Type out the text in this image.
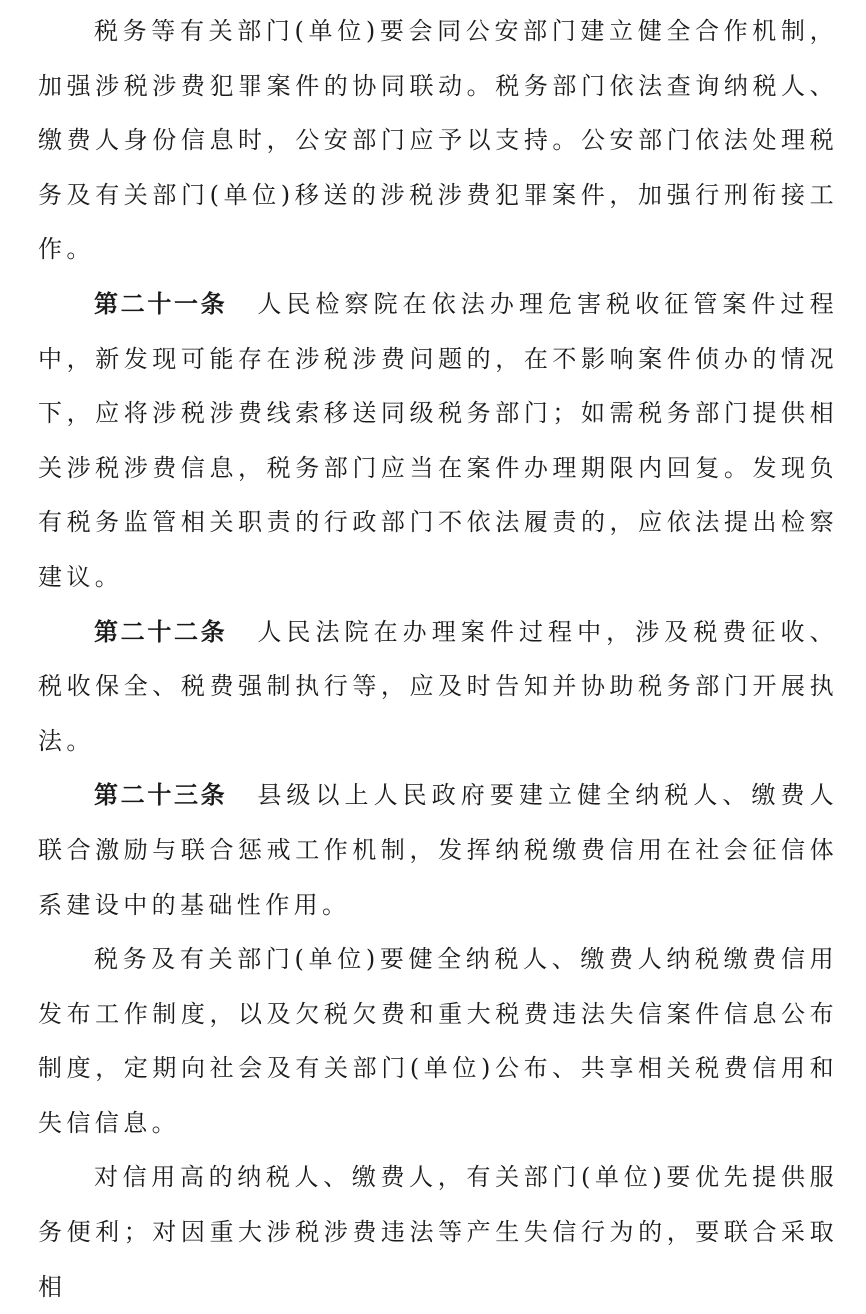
税务等有关部门(单位)要会同公安部门建立健全合作机制，加强涉税涉费犯罪案件的协同联动。税务部门依法查询纳税人、缴费人身份信息时，公安部门应予以支持。公安部门依法处理税务及有关部门(单位)移送的涉税涉费犯罪案件，加强行刑衔接工作。

第二十一条 人民检察院在依法办理危害税收征管案件过程中，新发现可能存在涉税涉费问题的，在不影响案件侦办的情况下，应将涉税涉费线索移送同级税务部门；如需税务部门提供相关涉税涉费信息，税务部门应当在案件办理期限内回复。发现负有税务监管相关职责的行政部门不依法履责的，应依法提出检察建议。

第二十二条 人民法院在办理案件过程中，涉及税费征收、税收保全、税费强制执行等，应及时告知并协助税务部门开展执法。

第二十三条 县级以上人民政府要建立健全纳税人、缴费人联合激励与联合惩戒工作机制，发挥纳税缴费信用在社会征信体系建设中的基础性作用。

税务及有关部门(单位)要健全纳税人、缴费人纳税缴费信用发布工作制度，以及欠税欠费和重大税费违法失信案件信息公布制度，定期向社会及有关部门(单位)公布、共享相关税费信用和失信信息。

对信用高的纳税人、缴费人，有关部门(单位)要优先提供服务便利；对因重大涉税涉费违法等产生失信行为的，要联合采取相
